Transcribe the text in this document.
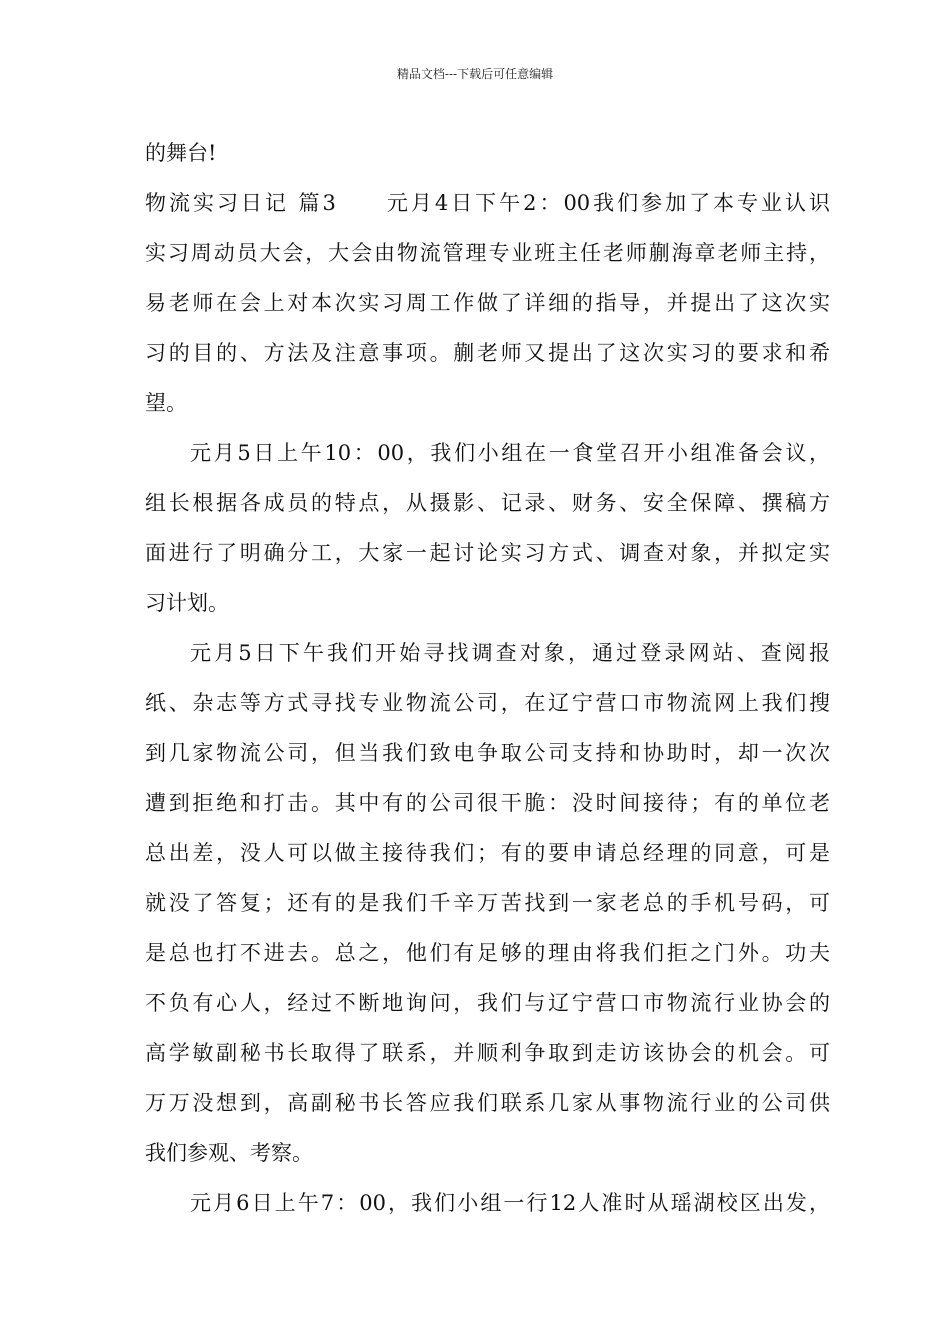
精品文档---下载后可任意编辑
的舞台!
物流实习日记 篇3　　元月4日下午2：00我们参加了本专业认识
实习周动员大会，大会由物流管理专业班主任老师蒯海章老师主持，
易老师在会上对本次实习周工作做了详细的指导，并提出了这次实
习的目的、方法及注意事项。蒯老师又提出了这次实习的要求和希
望。
元月5日上午10：00，我们小组在一食堂召开小组准备会议，
组长根据各成员的特点，从摄影、记录、财务、安全保障、撰稿方
面进行了明确分工，大家一起讨论实习方式、调查对象，并拟定实
习计划。
元月5日下午我们开始寻找调查对象，通过登录网站、查阅报
纸、杂志等方式寻找专业物流公司，在辽宁营口市物流网上我们搜
到几家物流公司，但当我们致电争取公司支持和协助时，却一次次
遭到拒绝和打击。其中有的公司很干脆：没时间接待；有的单位老
总出差，没人可以做主接待我们；有的要申请总经理的同意，可是
就没了答复；还有的是我们千辛万苦找到一家老总的手机号码，可
是总也打不进去。总之，他们有足够的理由将我们拒之门外。功夫
不负有心人，经过不断地询问，我们与辽宁营口市物流行业协会的
高学敏副秘书长取得了联系，并顺利争取到走访该协会的机会。可
万万没想到，高副秘书长答应我们联系几家从事物流行业的公司供
我们参观、考察。
元月6日上午7：00，我们小组一行12人准时从瑶湖校区出发，
